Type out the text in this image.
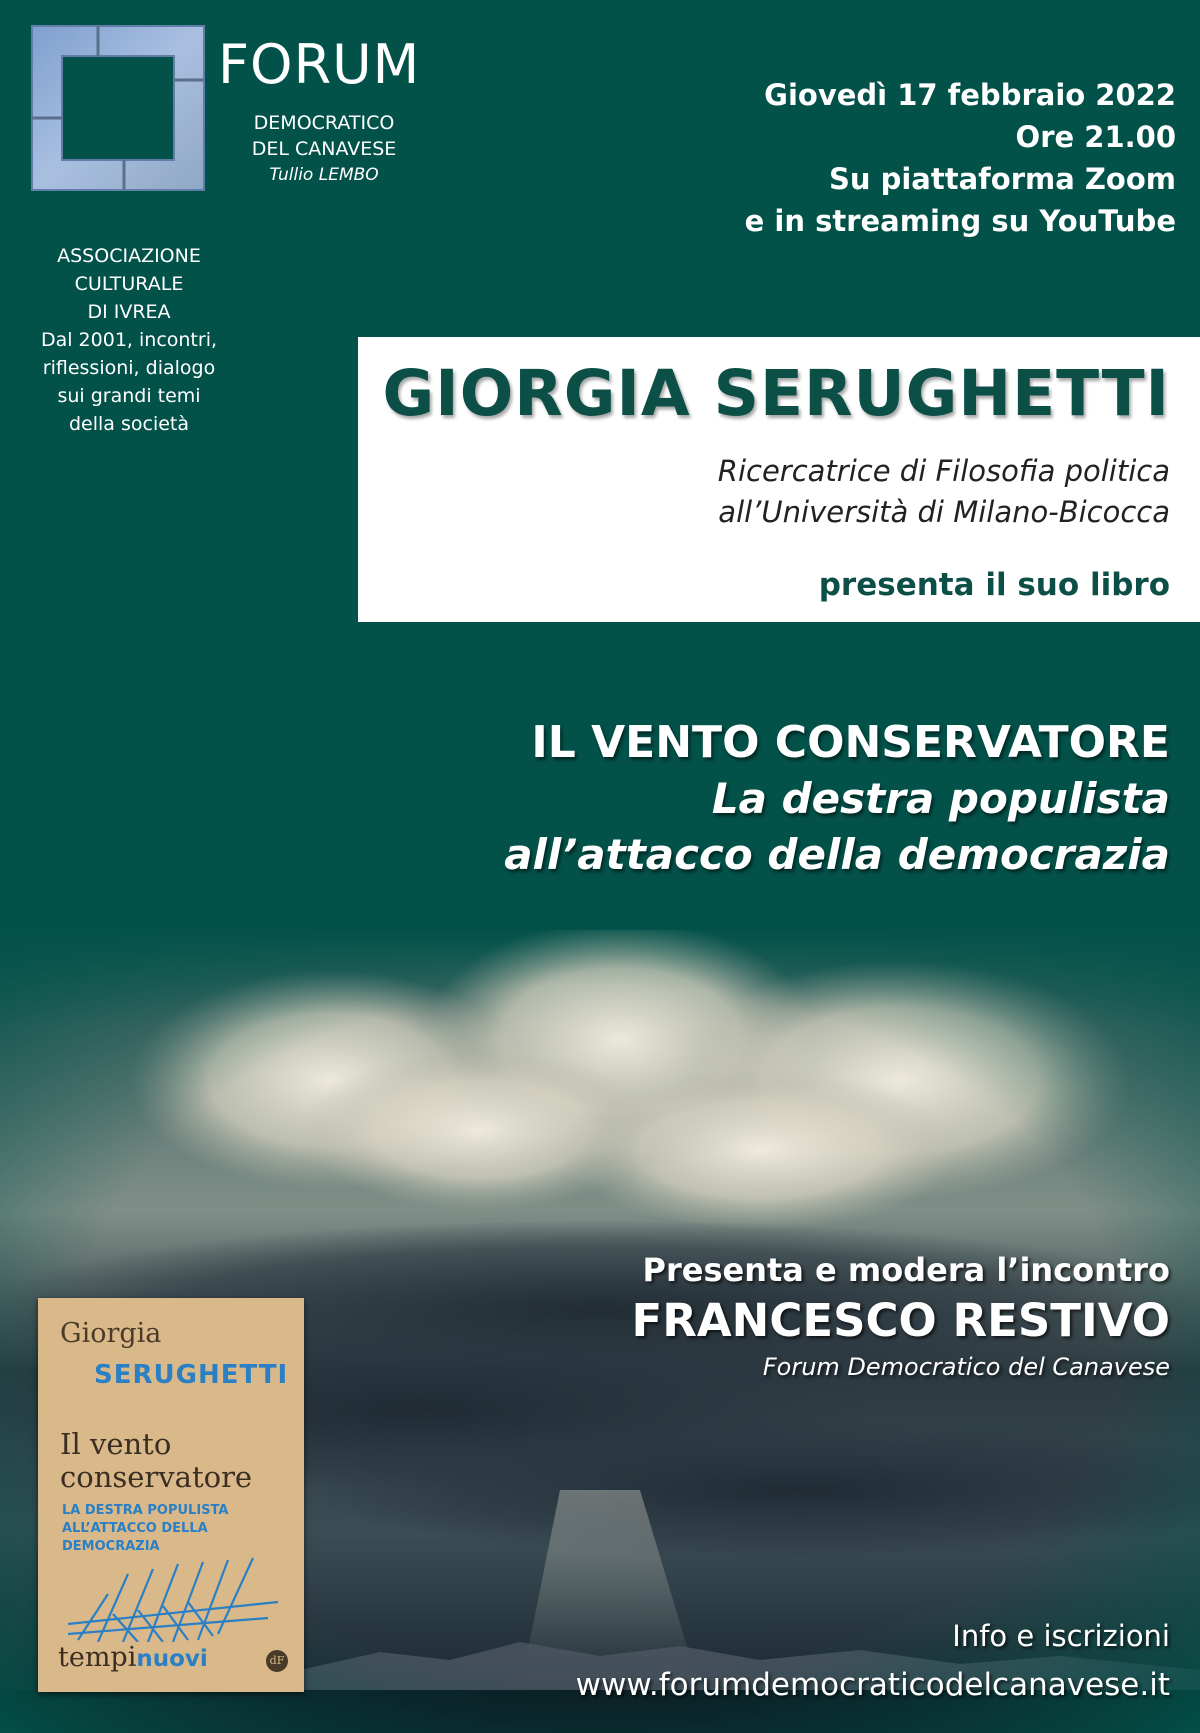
FORUM
DEMOCRATICO
DEL CANAVESE
Tullio LEMBO
ASSOCIAZIONE
CULTURALE
DI IVREA
Dal 2001, incontri,
riflessioni, dialogo
sui grandi temi
della società
Giovedì 17 febbraio 2022
Ore 21.00
Su piattaforma Zoom
e in streaming su YouTube
GIORGIA SERUGHETTI
Ricercatrice di Filosofia politica
all’Università di Milano-Bicocca
presenta il suo libro
IL VENTO CONSERVATORE
La destra populista
all’attacco della democrazia
Presenta e modera l’incontro
FRANCESCO RESTIVO
Forum Democratico del Canavese
Info e iscrizioni
www.forumdemocraticodelcanavese.it
Giorgia
SERUGHETTI
Il vento
conservatore
LA DESTRA POPULISTA
ALL’ATTACCO DELLA
DEMOCRAZIA
tempinuovi	dF
